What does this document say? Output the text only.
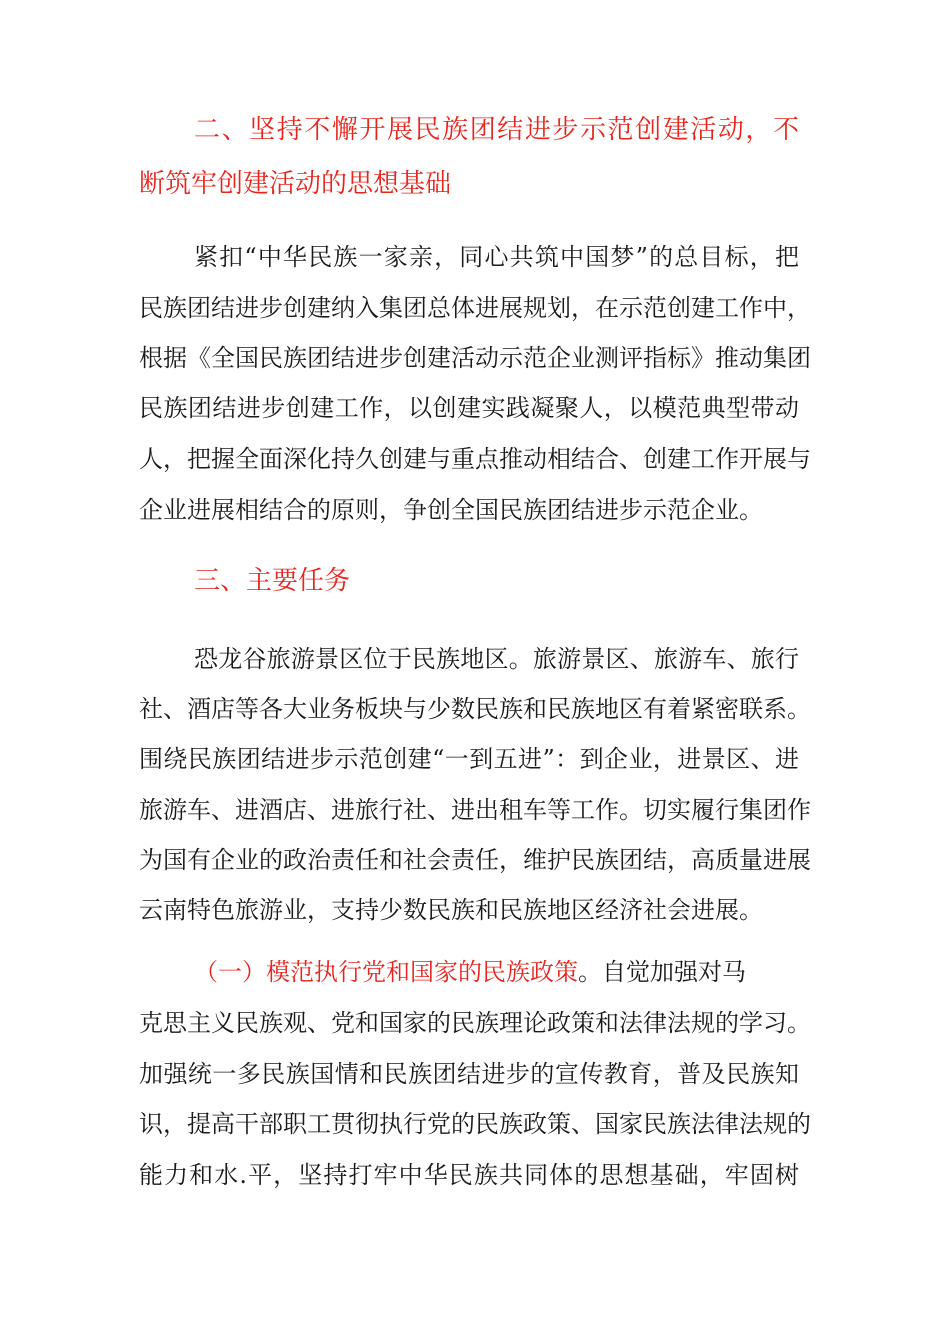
二、坚持不懈开展民族团结进步示范创建活动，不
断筑牢创建活动的思想基础
紧扣“中华民族一家亲，同心共筑中国梦”的总目标，把
民族团结进步创建纳入集团总体进展规划，在示范创建工作中，
根据《全国民族团结进步创建活动示范企业测评指标》推动集团
民族团结进步创建工作，以创建实践凝聚人，以模范典型带动
人，把握全面深化持久创建与重点推动相结合、创建工作开展与
企业进展相结合的原则，争创全国民族团结进步示范企业。
三、主要任务
恐龙谷旅游景区位于民族地区。旅游景区、旅游车、旅行
社、酒店等各大业务板块与少数民族和民族地区有着紧密联系。
围绕民族团结进步示范创建“一到五进”：到企业，进景区、进
旅游车、进酒店、进旅行社、进出租车等工作。切实履行集团作
为国有企业的政治责任和社会责任，维护民族团结，高质量进展
云南特色旅游业，支持少数民族和民族地区经济社会进展。
（一）模范执行党和国家的民族政策。自觉加强对马
克思主义民族观、党和国家的民族理论政策和法律法规的学习。
加强统一多民族国情和民族团结进步的宣传教育，普及民族知
识，提高干部职工贯彻执行党的民族政策、国家民族法律法规的
能力和水.平，坚持打牢中华民族共同体的思想基础，牢固树
